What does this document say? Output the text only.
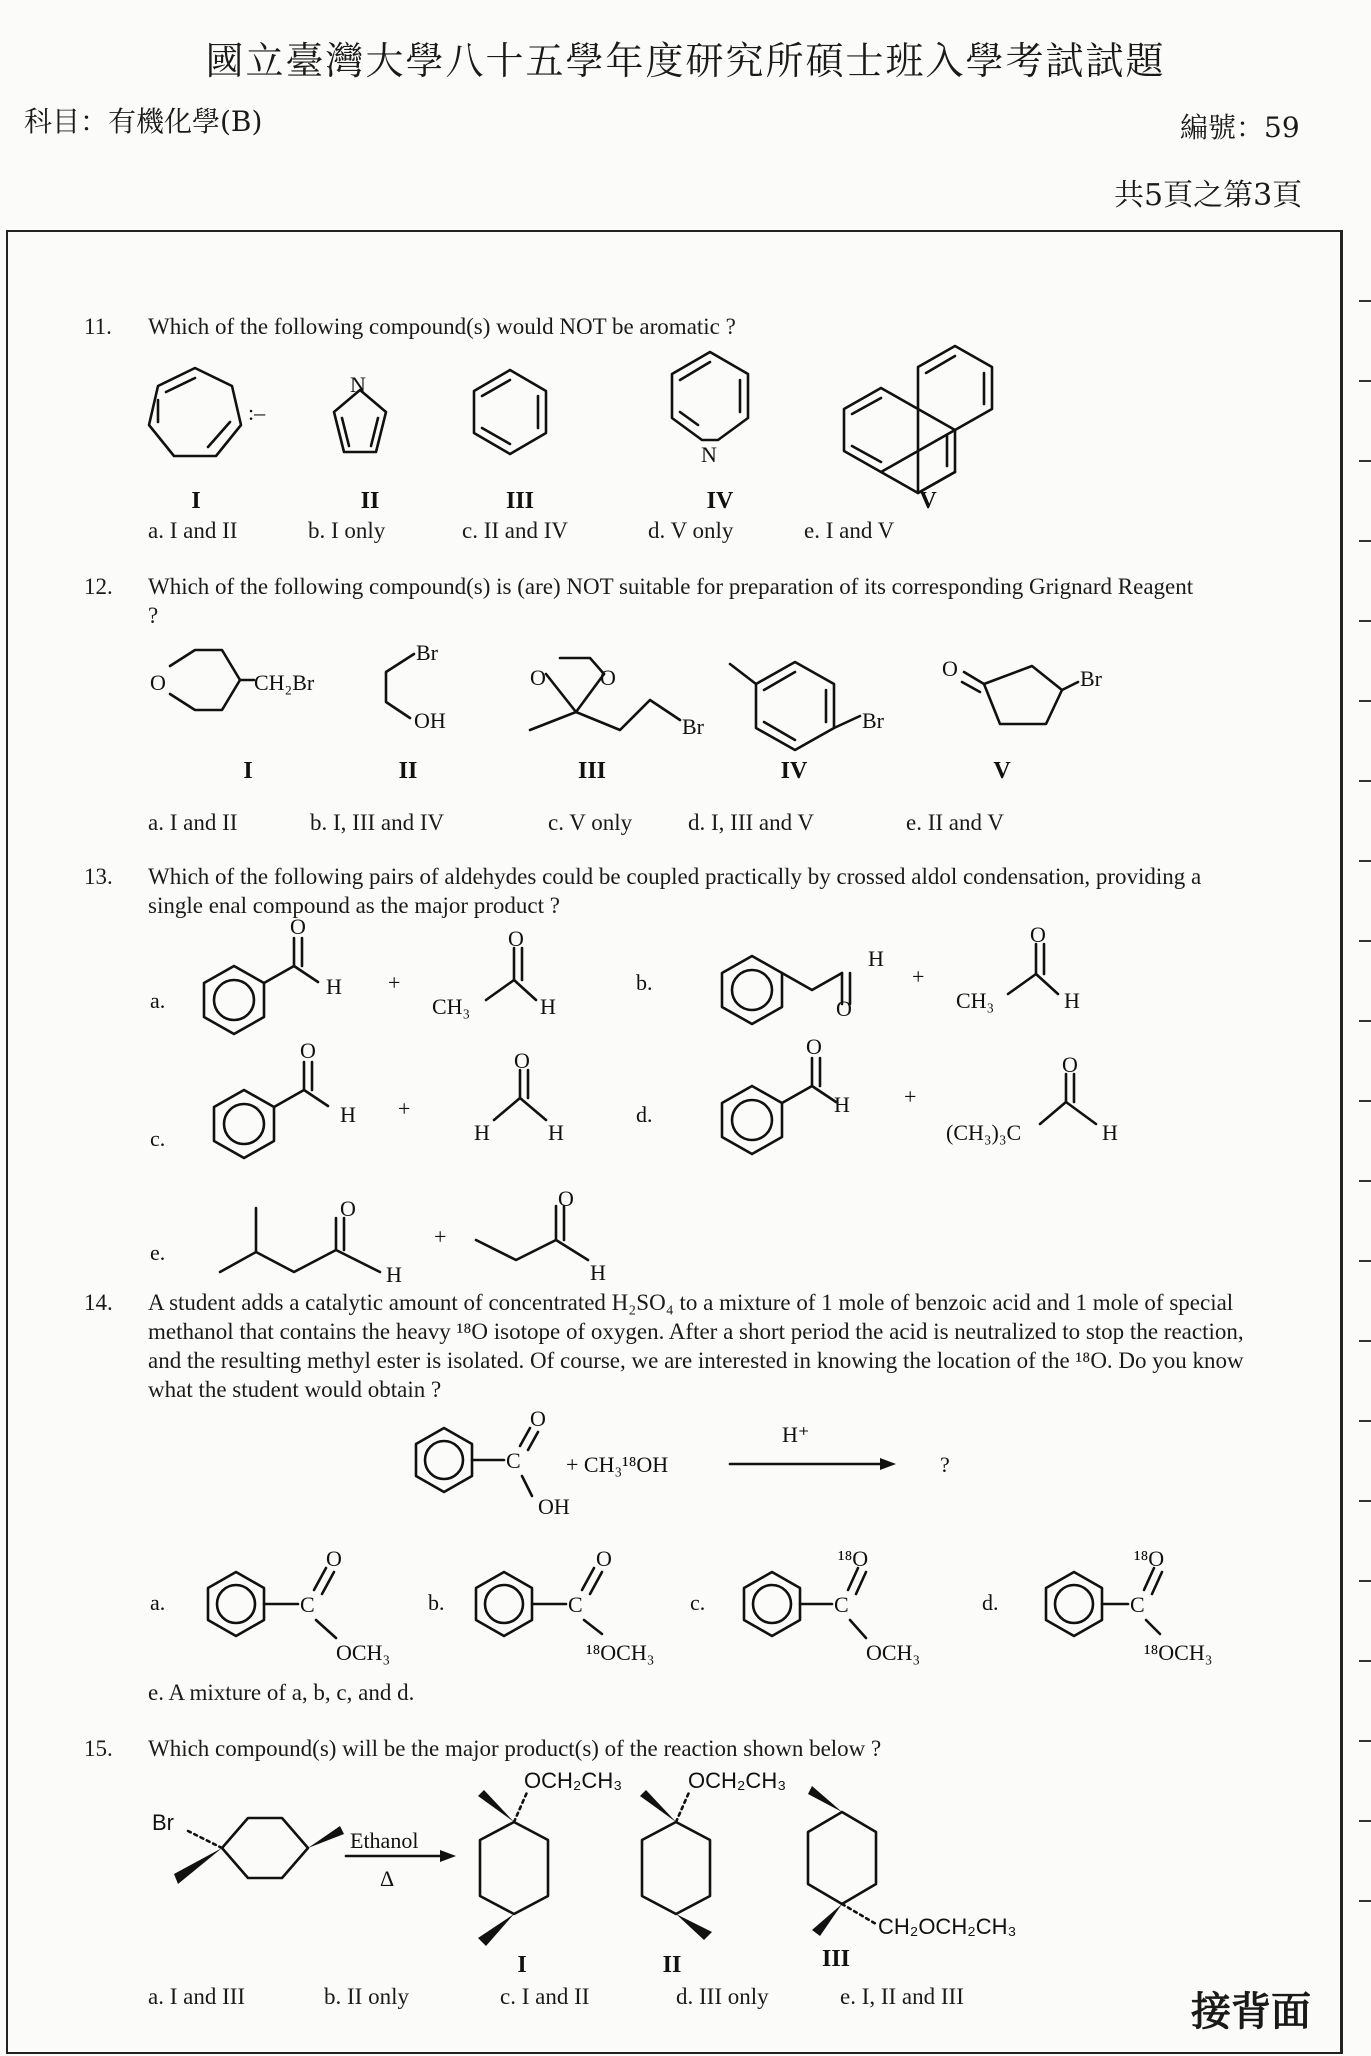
國立臺灣大學八十五學年度研究所碩士班入學考試試題
科目：有機化學(B)	編號：59
共5頁之第3頁
11.	Which of the following compound(s) would NOT be aromatic ?
:–
N
N
I	II	III	IV	V
a. I and II	b. I only	c. II and IV	d. V only	e. I and V
12.	Which of the following compound(s) is (are) NOT suitable for preparation of its corresponding Grignard Reagent ?
O	CH₂Br
Br
OH
O O
Br	Br
O	Br
I	II	III	IV	V
a. I and II	b. I, III and IV	c. V only d. I, III and V	e. II and V
13.	Which of the following pairs of aldehydes could be coupled practically by crossed aldol condensation, providing a single enal compound as the major product ?
a.
O
H +
CH₃
O
H
b.
O
H
+
CH₃
O
H
c.
O
H +
O
H	H
d.
O
H +
(CH₃)₃C
O
H
e.
O
H
+
O
H
14.	A student adds a catalytic amount of concentrated H₂SO₄ to a mixture of 1 mole of benzoic acid and 1 mole of special methanol that contains the heavy ¹⁸O isotope of oxygen. After a short period the acid is neutralized to stop the reaction, and the resulting methyl ester is isolated. Of course, we are interested in knowing the location of the ¹⁸O. Do you know what the student would obtain ?
C
O
OH
+ CH₃¹⁸OH
H⁺
?
a.	C
O
OCH₃
b.	C
O
¹⁸OCH₃
c.	C
¹⁸O
OCH₃
d.	C
¹⁸O
¹⁸OCH₃
e. A mixture of a, b, c, and d.
15.	Which compound(s) will be the major product(s) of the reaction shown below ?
Br
Ethanol
Δ
OCH₂CH₃	OCH₂CH₃
CH₂OCH₂CH₃
I	II	III
a. I and III	b. II only	c. I and II	d. III only	e. I, II and III	接背面
